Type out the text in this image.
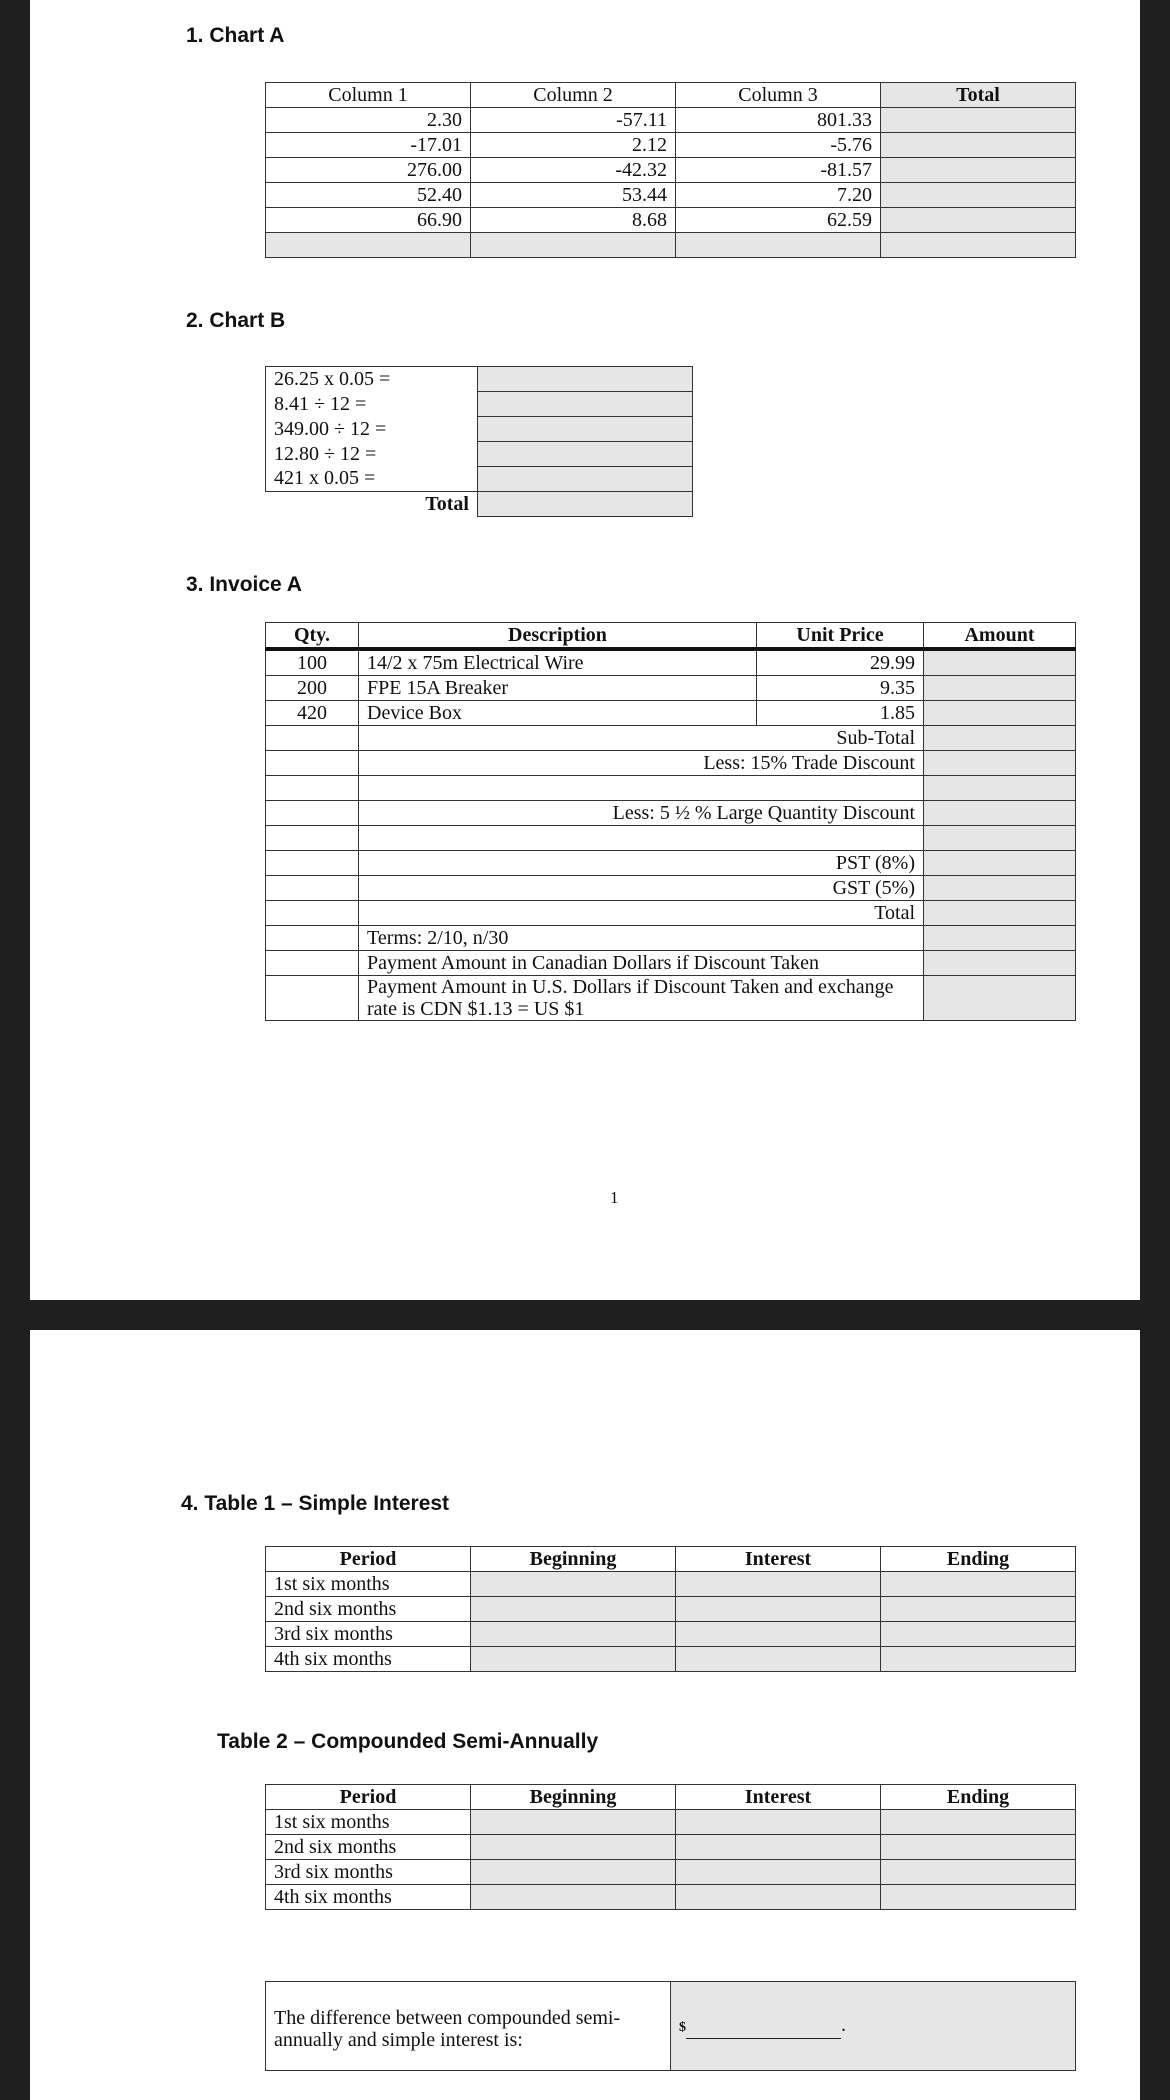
1. Chart A
Column 1	Column 2	Column 3	Total
2.30	-57.11	801.33	
-17.01	2.12	-5.76	
276.00	-42.32	-81.57	
52.40	53.44	7.20	
66.90	8.68	62.59	

2. Chart B
26.25 x 0.05 =	
8.41 ÷ 12 =	
349.00 ÷ 12 =	
12.80 ÷ 12 =	
421 x 0.05 =	
Total	
3. Invoice A
Qty.	Description	Unit Price	Amount
100	14/2 x 75m Electrical Wire	29.99	
200	FPE 15A Breaker	9.35	
420	Device Box	1.85	
	Sub-Total		
	Less: 15% Trade Discount		

	Less: 5 ½ % Large Quantity Discount		

	PST (8%)		
	GST (5%)		
	Total		
	Terms: 2/10, n/30		
	Payment Amount in Canadian Dollars if Discount Taken		
	Payment Amount in U.S. Dollars if Discount Taken and exchange rate is CDN $1.13 = US $1		
1
4. Table 1 – Simple Interest
Period	Beginning	Interest	Ending
1st six months			
2nd six months			
3rd six months			
4th six months			
Table 2 – Compounded Semi-Annually
Period	Beginning	Interest	Ending
1st six months			
2nd six months			
3rd six months			
4th six months			
The difference between compounded semi-annually and simple interest is:	$	.
